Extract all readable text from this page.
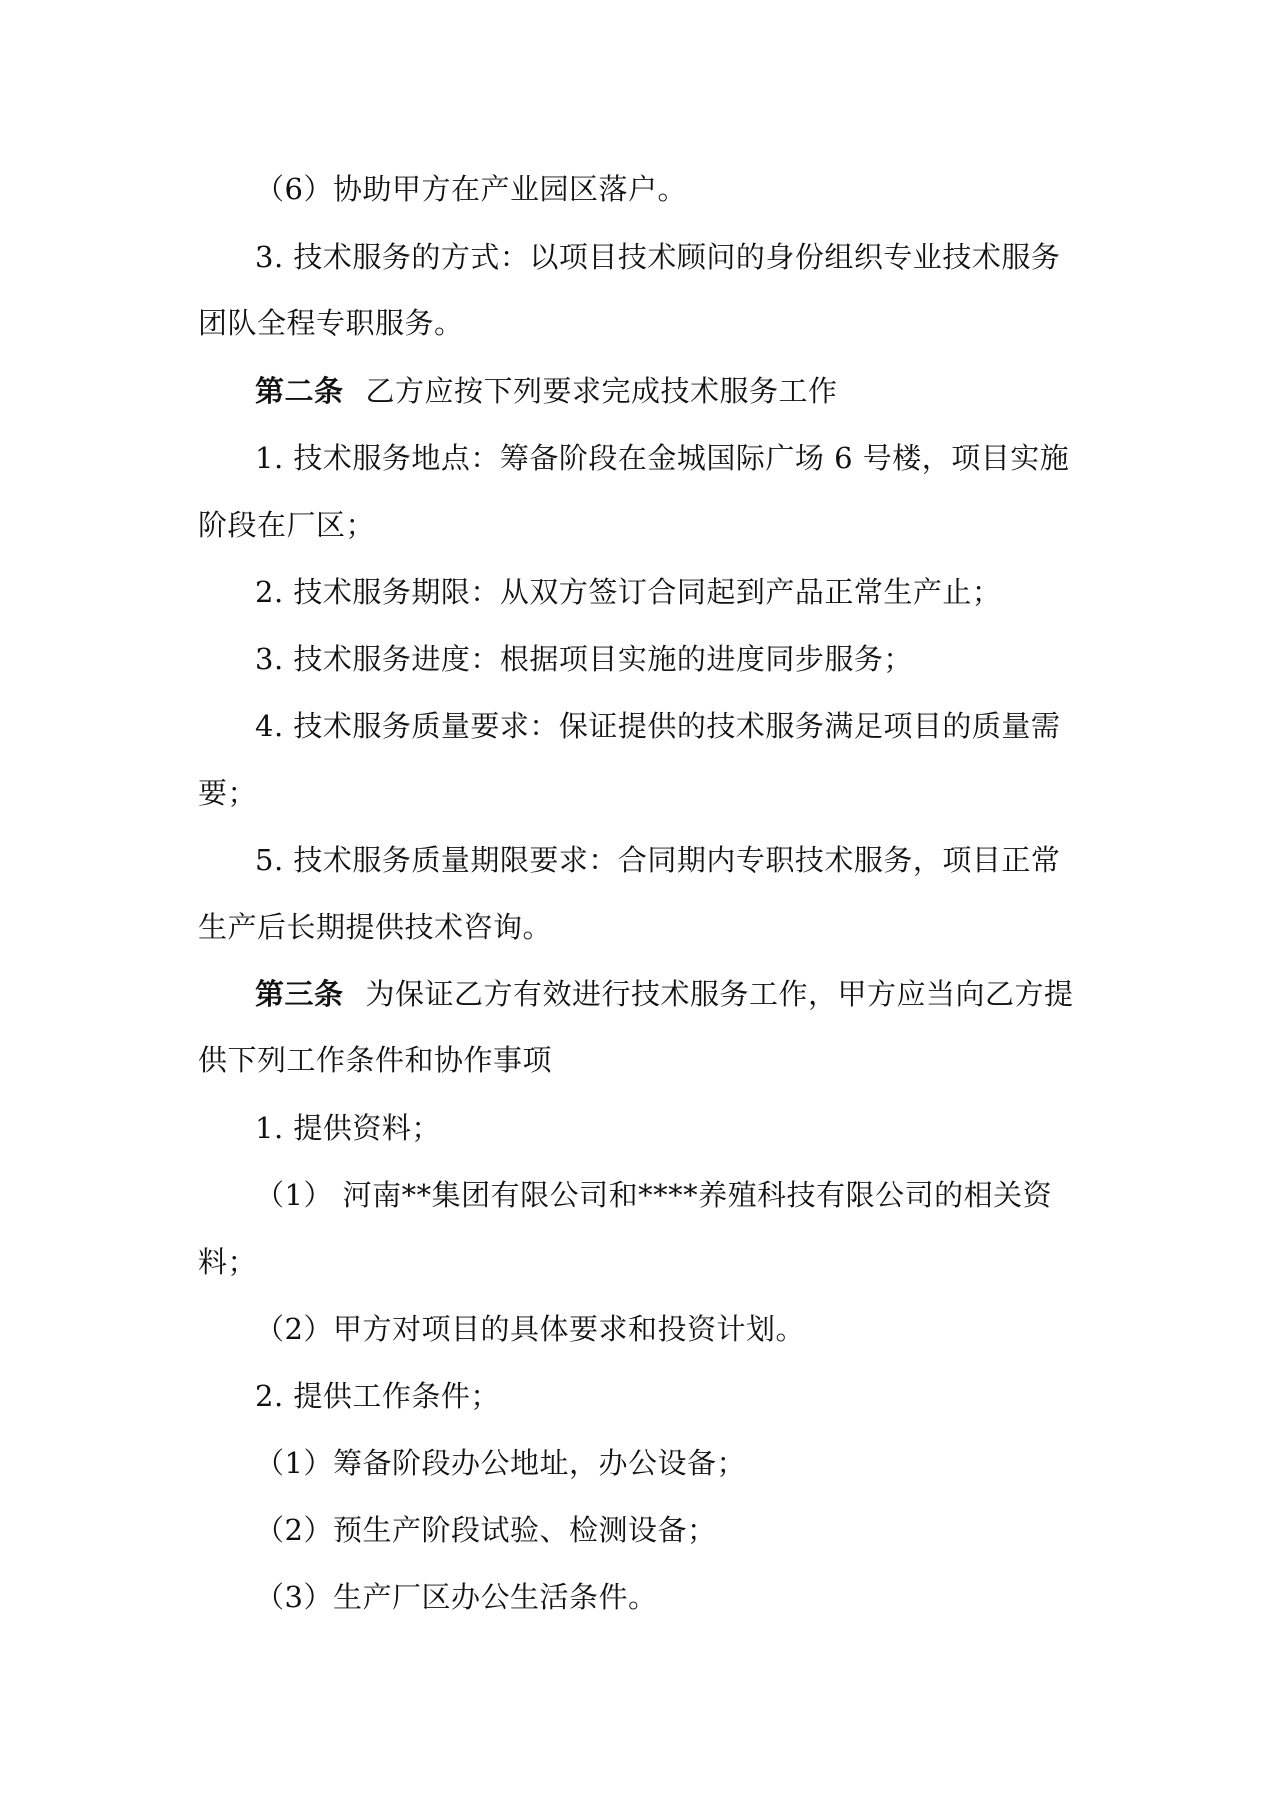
（6）协助甲方在产业园区落户。
3. 技术服务的方式：以项目技术顾问的身份组织专业技术服务
团队全程专职服务。
第二条 乙方应按下列要求完成技术服务工作
1. 技术服务地点：筹备阶段在金城国际广场 6 号楼，项目实施
阶段在厂区；
2. 技术服务期限：从双方签订合同起到产品正常生产止；
3. 技术服务进度：根据项目实施的进度同步服务；
4. 技术服务质量要求：保证提供的技术服务满足项目的质量需
要；
5. 技术服务质量期限要求：合同期内专职技术服务，项目正常
生产后长期提供技术咨询。
第三条 为保证乙方有效进行技术服务工作，甲方应当向乙方提
供下列工作条件和协作事项
1. 提供资料；
（1） 河南**集团有限公司和****养殖科技有限公司的相关资
料；
（2）甲方对项目的具体要求和投资计划。
2. 提供工作条件；
（1）筹备阶段办公地址，办公设备；
（2）预生产阶段试验、检测设备；
（3）生产厂区办公生活条件。
